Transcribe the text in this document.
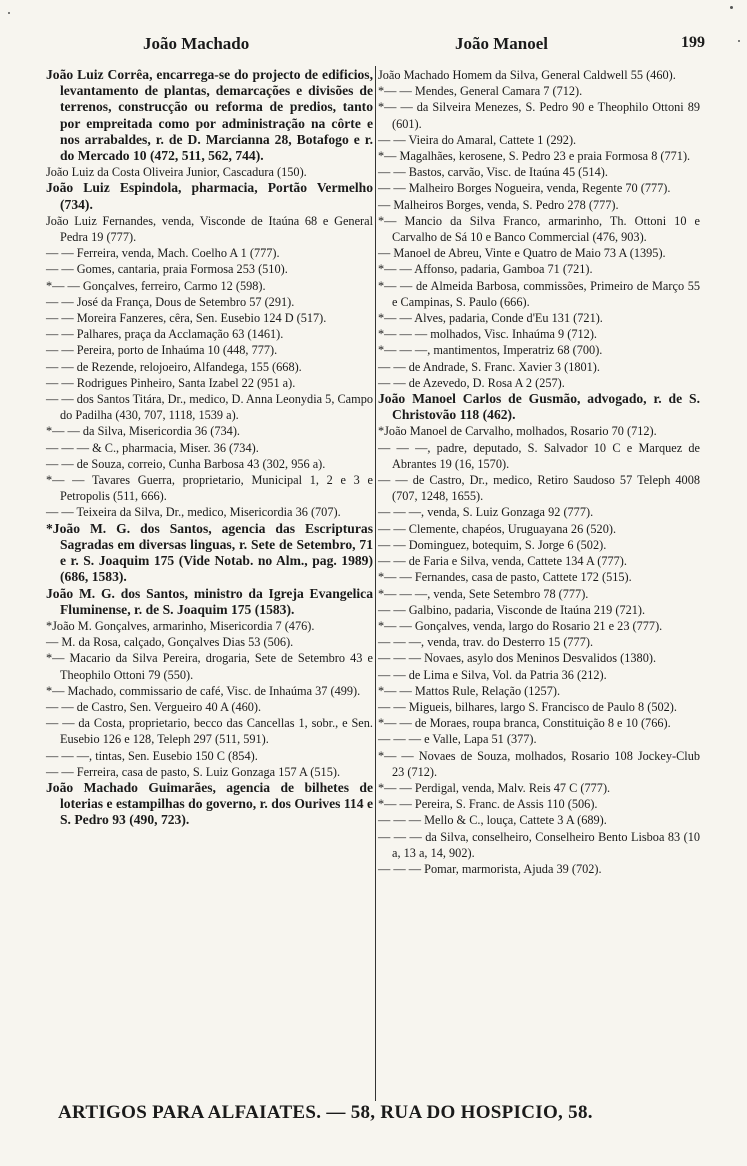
João Machado	João Manoel	199

João Luiz Corrêa, encarrega-se do projecto de edificios, levantamento de plantas, demarcações e divisões de terrenos, construcção ou reforma de predios, tanto por empreitada como por administração na côrte e nos arrabaldes, r. de D. Marcianna 28, Botafogo e r. do Mercado 10 (472, 511, 562, 744).

João Luiz da Costa Oliveira Junior, Cascadura (150).

João Luiz Espindola, pharmacia, Portão Vermelho (734).

João Luiz Fernandes, venda, Visconde de Itaúna 68 e General Pedra 19 (777).

— — Ferreira, venda, Mach. Coelho A 1 (777).

— — Gomes, cantaria, praia Formosa 253 (510).

*— — Gonçalves, ferreiro, Carmo 12 (598).

— — José da França, Dous de Setembro 57 (291).

— — Moreira Fanzeres, cêra, Sen. Eusebio 124 D (517).

— — Palhares, praça da Acclamação 63 (1461).

— — Pereira, porto de Inhaúma 10 (448, 777).

— — de Rezende, relojoeiro, Alfandega, 155 (668).

— — Rodrigues Pinheiro, Santa Izabel 22 (951 a).

— — dos Santos Titára, Dr., medico, D. Anna Leonydia 5, Campo do Padilha (430, 707, 1118, 1539 a).

*— — da Silva, Misericordia 36 (734).

— — — & C., pharmacia, Miser. 36 (734).

— — de Souza, correio, Cunha Barbosa 43 (302, 956 a).

*— — Tavares Guerra, proprietario, Municipal 1, 2 e 3 e Petropolis (511, 666).

— — Teixeira da Silva, Dr., medico, Misericordia 36 (707).

*João M. G. dos Santos, agencia das Escripturas Sagradas em diversas linguas, r. Sete de Setembro, 71 e r. S. Joaquim 175 (Vide Notab. no Alm., pag. 1989) (686, 1583).

João M. G. dos Santos, ministro da Igreja Evangelica Fluminense, r. de S. Joaquim 175 (1583).

*João M. Gonçalves, armarinho, Misericordia 7 (476).

— M. da Rosa, calçado, Gonçalves Dias 53 (506).

*— Macario da Silva Pereira, drogaria, Sete de Setembro 43 e Theophilo Ottoni 79 (550).

*— Machado, commissario de café, Visc. de Inhaúma 37 (499).

— — de Castro, Sen. Vergueiro 40 A (460).

— — da Costa, proprietario, becco das Cancellas 1, sobr., e Sen. Eusebio 126 e 128, Teleph 297 (511, 591).

— — —, tintas, Sen. Eusebio 150 C (854).

— — Ferreira, casa de pasto, S. Luiz Gonzaga 157 A (515).

João Machado Guimarães, agencia de bilhetes de loterias e estampilhas do governo, r. dos Ourives 114 e S. Pedro 93 (490, 723).

João Machado Homem da Silva, General Caldwell 55 (460).

*— — Mendes, General Camara 7 (712).

*— — da Silveira Menezes, S. Pedro 90 e Theophilo Ottoni 89 (601).

— — Vieira do Amaral, Cattete 1 (292).

*— Magalhães, kerosene, S. Pedro 23 e praia Formosa 8 (771).

— — Bastos, carvão, Visc. de Itaúna 45 (514).

— — Malheiro Borges Nogueira, venda, Regente 70 (777).

— Malheiros Borges, venda, S. Pedro 278 (777).

*— Mancio da Silva Franco, armarinho, Th. Ottoni 10 e Carvalho de Sá 10 e Banco Commercial (476, 903).

— Manoel de Abreu, Vinte e Quatro de Maio 73 A (1395).

*— — Affonso, padaria, Gamboa 71 (721).

*— — de Almeida Barbosa, commissões, Primeiro de Março 55 e Campinas, S. Paulo (666).

*— — Alves, padaria, Conde d'Eu 131 (721).

*— — — molhados, Visc. Inhaúma 9 (712).

*— — —, mantimentos, Imperatriz 68 (700).

— — de Andrade, S. Franc. Xavier 3 (1801).

— — de Azevedo, D. Rosa A 2 (257).

João Manoel Carlos de Gusmão, advogado, r. de S. Christovão 118 (462).

*João Manoel de Carvalho, molhados, Rosario 70 (712).

— — —, padre, deputado, S. Salvador 10 C e Marquez de Abrantes 19 (16, 1570).

— — de Castro, Dr., medico, Retiro Saudoso 57 Teleph 4008 (707, 1248, 1655).

— — —, venda, S. Luiz Gonzaga 92 (777).

— — Clemente, chapéos, Uruguayana 26 (520).

— — Dominguez, botequim, S. Jorge 6 (502).

— — de Faria e Silva, venda, Cattete 134 A (777).

*— — Fernandes, casa de pasto, Cattete 172 (515).

*— — —, venda, Sete Setembro 78 (777).

— — Galbino, padaria, Visconde de Itaúna 219 (721).

*— — Gonçalves, venda, largo do Rosario 21 e 23 (777).

— — —, venda, trav. do Desterro 15 (777).

— — — Novaes, asylo dos Meninos Desvalidos (1380).

— — de Lima e Silva, Vol. da Patria 36 (212).

*— — Mattos Rule, Relação (1257).

— — Migueis, bilhares, largo S. Francisco de Paulo 8 (502).

*— — de Moraes, roupa branca, Constituição 8 e 10 (766).

— — — e Valle, Lapa 51 (377).

*— — Novaes de Souza, molhados, Rosario 108 Jockey-Club 23 (712).

*— — Perdigal, venda, Malv. Reis 47 C (777).

*— — Pereira, S. Franc. de Assis 110 (506).

— — — Mello & C., louça, Cattete 3 A (689).

— — — da Silva, conselheiro, Conselheiro Bento Lisboa 83 (10 a, 13 a, 14, 902).

— — — Pomar, marmorista, Ajuda 39 (702).

ARTIGOS PARA ALFAIATES. — 58, RUA DO HOSPICIO, 58.
